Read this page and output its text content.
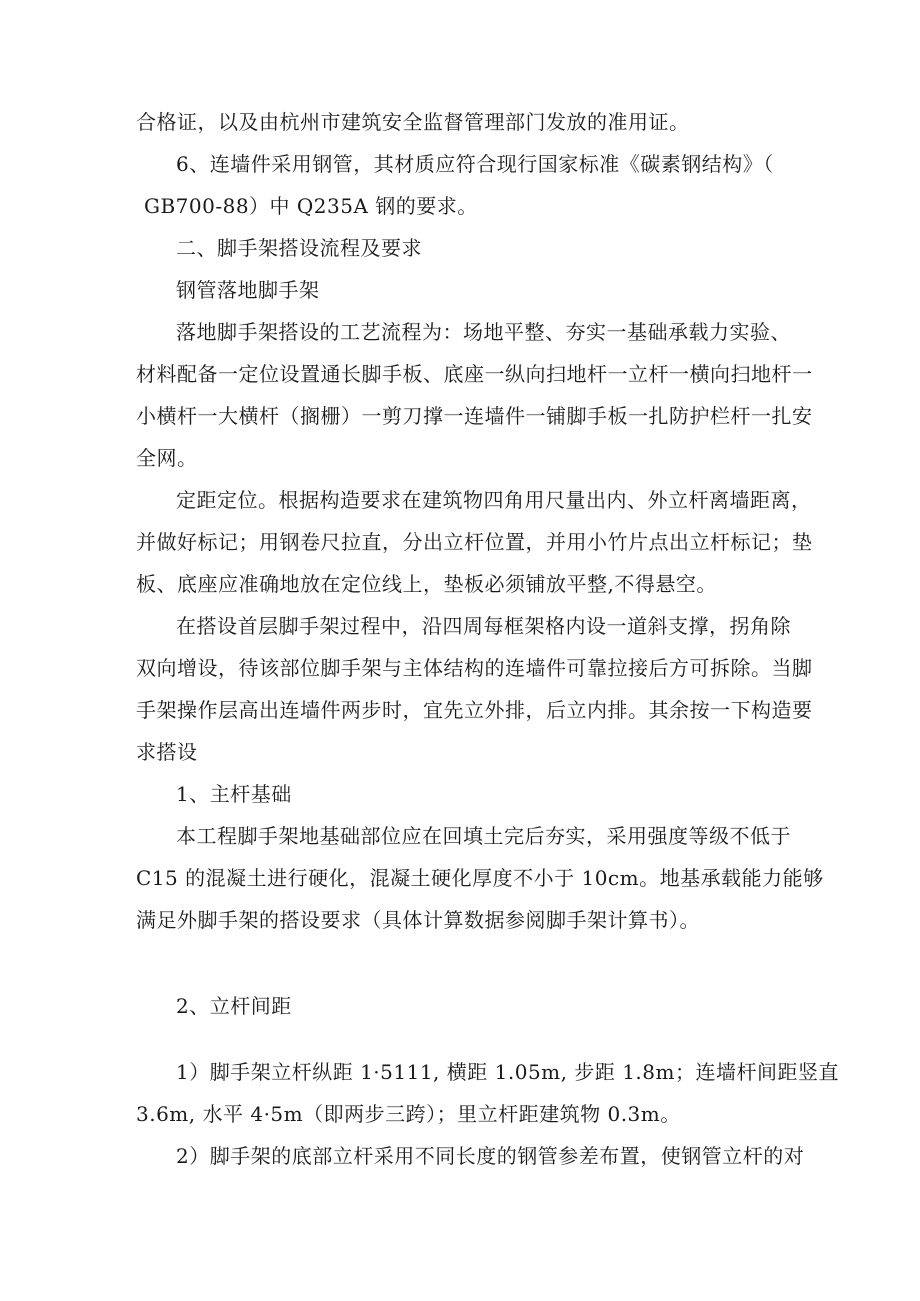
合格证，以及由杭州市建筑安全监督管理部门发放的准用证。
6、连墙件采用钢管，其材质应符合现行国家标准《碳素钢结构》（
GB700-88）中 Q235A 钢的要求。
二、脚手架搭设流程及要求
钢管落地脚手架
落地脚手架搭设的工艺流程为：场地平整、夯实一基础承载力实验、
材料配备一定位设置通长脚手板、底座一纵向扫地杆一立杆一横向扫地杆一
小横杆一大横杆（搁栅）一剪刀撑一连墙件一铺脚手板一扎防护栏杆一扎安
全网。
定距定位。根据构造要求在建筑物四角用尺量出内、外立杆离墙距离，
并做好标记；用钢卷尺拉直，分出立杆位置，并用小竹片点出立杆标记；垫
板、底座应准确地放在定位线上，垫板必须铺放平整,不得悬空。
在搭设首层脚手架过程中，沿四周每框架格内设一道斜支撑，拐角除
双向增设，待该部位脚手架与主体结构的连墙件可靠拉接后方可拆除。当脚
手架操作层高出连墙件两步时，宜先立外排，后立内排。其余按一下构造要
求搭设
1、主杆基础
本工程脚手架地基础部位应在回填土完后夯实，采用强度等级不低于
C15 的混凝土进行硬化，混凝土硬化厚度不小于 10cm。地基承载能力能够
满足外脚手架的搭设要求（具体计算数据参阅脚手架计算书）。
2、立杆间距
1）脚手架立杆纵距 1·5111, 横距 1.05m, 步距 1.8m；连墙杆间距竖直
3.6m, 水平 4·5m（即两步三跨）；里立杆距建筑物 0.3m。
2）脚手架的底部立杆采用不同长度的钢管参差布置，使钢管立杆的对
